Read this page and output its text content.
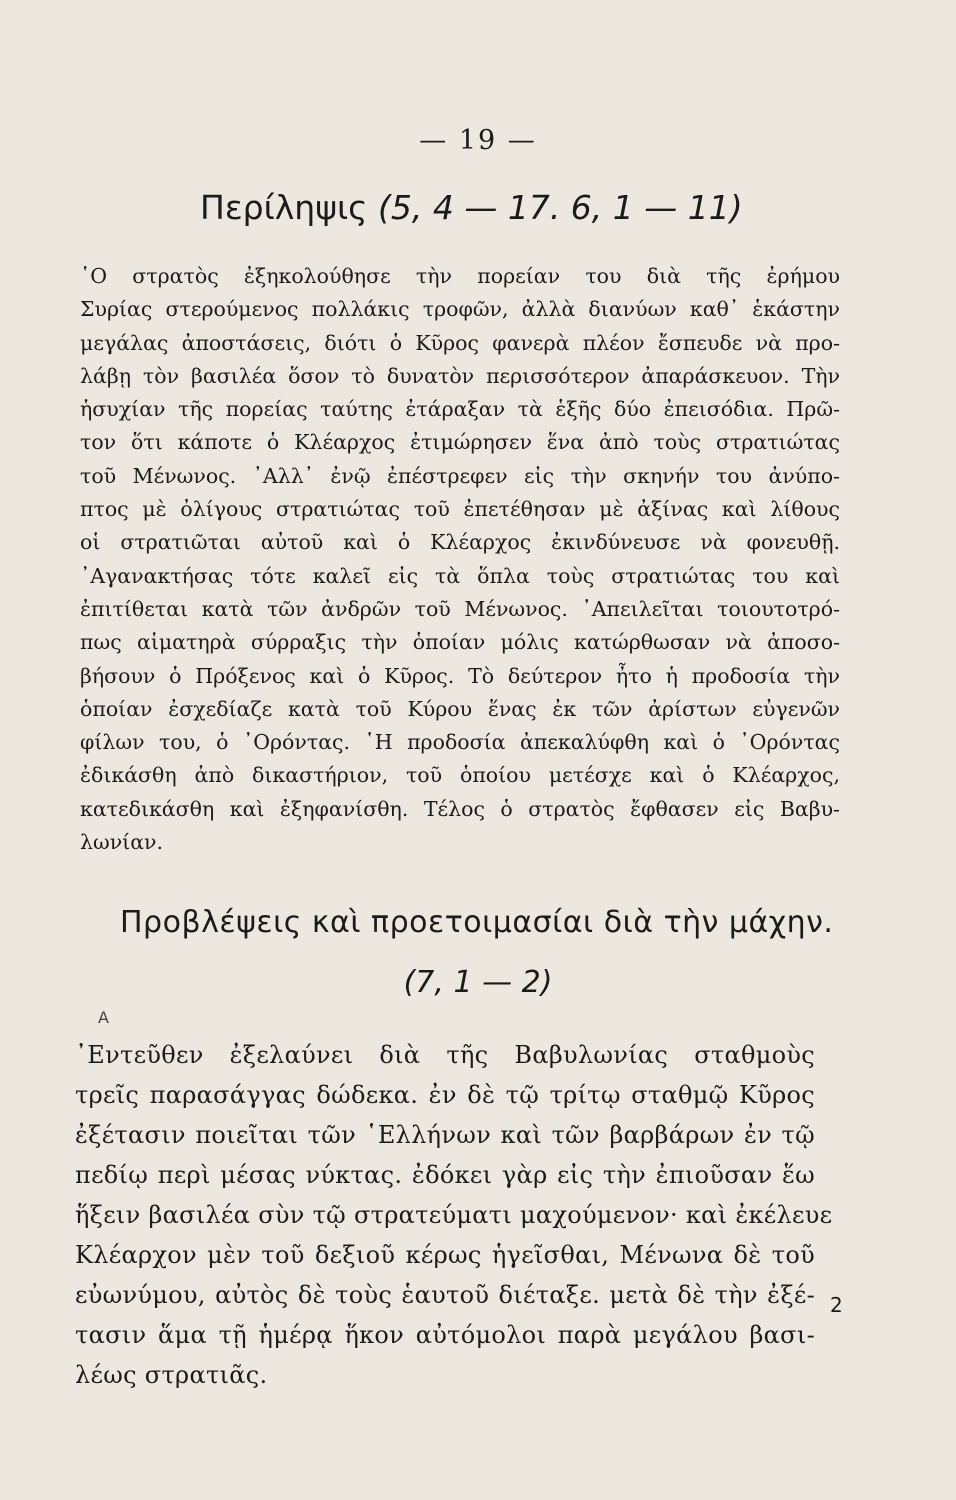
— 19 —
Περίληψις (5, 4 — 17. 6, 1 — 11)
῾Ο στρατὸς ἐξηκολούθησε τὴν πορείαν του διὰ τῆς ἐρήμου
Συρίας στερούμενος πολλάκις τροφῶν, ἀλλὰ διανύων καθ᾽ ἑκάστην
μεγάλας ἀποστάσεις, διότι ὁ Κῦρος φανερὰ πλέον ἔσπευδε νὰ προ-
λάβῃ τὸν βασιλέα ὅσον τὸ δυνατὸν περισσότερον ἀπαράσκευον. Τὴν
ἡσυχίαν τῆς πορείας ταύτης ἐτάραξαν τὰ ἑξῆς δύο ἐπεισόδια. Πρῶ-
τον ὅτι κάποτε ὁ Κλέαρχος ἐτιμώρησεν ἕνα ἀπὸ τοὺς στρατιώτας
τοῦ Μένωνος. ᾿Αλλ᾽ ἐνῷ ἐπέστρεφεν εἰς τὴν σκηνήν του ἀνύπο-
πτος μὲ ὀλίγους στρατιώτας τοῦ ἐπετέθησαν μὲ ἀξίνας καὶ λίθους
οἱ στρατιῶται αὐτοῦ καὶ ὁ Κλέαρχος ἐκινδύνευσε νὰ φονευθῇ.
᾿Αγανακτήσας τότε καλεῖ εἰς τὰ ὅπλα τοὺς στρατιώτας του καὶ
ἐπιτίθεται κατὰ τῶν ἀνδρῶν τοῦ Μένωνος. ᾿Απειλεῖται τοιουτοτρό-
πως αἱματηρὰ σύρραξις τὴν ὁποίαν μόλις κατώρθωσαν νὰ ἀποσο-
βήσουν ὁ Πρόξενος καὶ ὁ Κῦρος. Τὸ δεύτερον ἦτο ἡ προδοσία τὴν
ὁποίαν ἐσχεδίαζε κατὰ τοῦ Κύρου ἕνας ἐκ τῶν ἀρίστων εὐγενῶν
φίλων του, ὁ ᾿Ορόντας. ῾Η προδοσία ἀπεκαλύφθη καὶ ὁ ᾿Ορόντας
ἐδικάσθη ἀπὸ δικαστήριον, τοῦ ὁποίου μετέσχε καὶ ὁ Κλέαρχος,
κατεδικάσθη καὶ ἐξηφανίσθη. Τέλος ὁ στρατὸς ἔφθασεν εἰς Βαβυ-
λωνίαν.
Προβλέψεις καὶ προετοιμασίαι διὰ τὴν μάχην.
(7, 1 — 2)
A
᾿Εντεῦθεν ἐξελαύνει διὰ τῆς Βαβυλωνίας σταθμοὺς
τρεῖς παρασάγγας δώδεκα. ἐν δὲ τῷ τρίτῳ σταθμῷ Κῦρος
ἐξέτασιν ποιεῖται τῶν ῾Ελλήνων καὶ τῶν βαρβάρων ἐν τῷ
πεδίῳ περὶ μέσας νύκτας. ἐδόκει γὰρ εἰς τὴν ἐπιοῦσαν ἕω
ἥξειν βασιλέα σὺν τῷ στρατεύματι μαχούμενον· καὶ ἐκέλευε
Κλέαρχον μὲν τοῦ δεξιοῦ κέρως ἡγεῖσθαι, Μένωνα δὲ τοῦ
εὐωνύμου, αὐτὸς δὲ τοὺς ἑαυτοῦ διέταξε. μετὰ δὲ τὴν ἐξέ-
τασιν ἅμα τῇ ἡμέρᾳ ἥκον αὐτόμολοι παρὰ μεγάλου βασι-
λέως στρατιᾶς.
2
